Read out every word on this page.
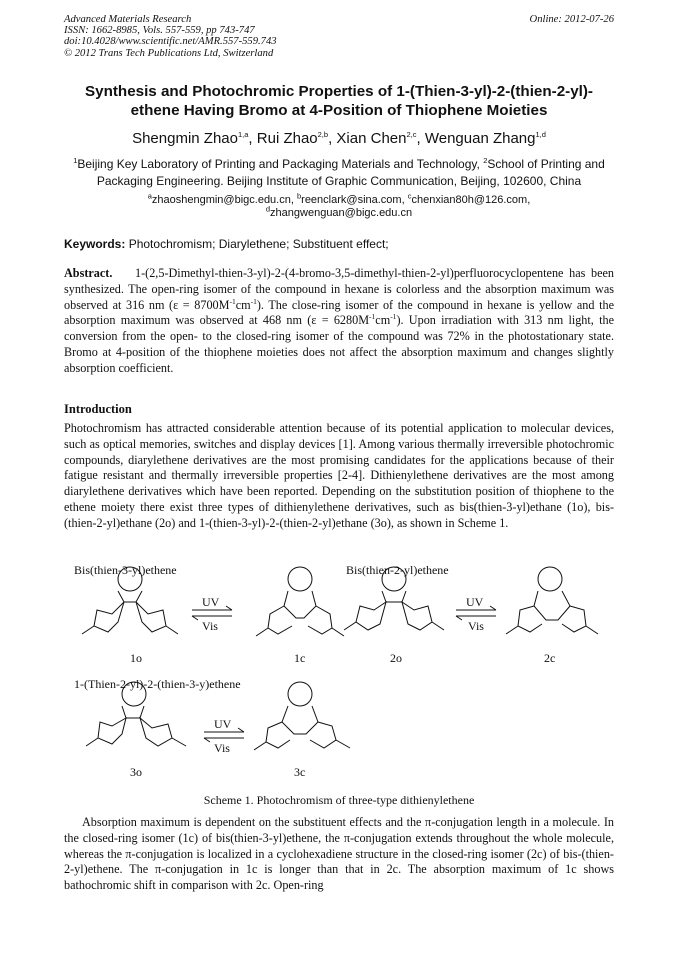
Advanced Materials Research
ISSN: 1662-8985, Vols. 557-559, pp 743-747
doi:10.4028/www.scientific.net/AMR.557-559.743
© 2012 Trans Tech Publications Ltd, Switzerland
Online: 2012-07-26
Synthesis and Photochromic Properties of 1-(Thien-3-yl)-2-(thien-2-yl)-ethene Having Bromo at 4-Position of Thiophene Moieties
Shengmin Zhao$^{1,a}$, Rui Zhao$^{2,b}$, Xian Chen$^{2,c}$, Wenguan Zhang$^{1,d}$
$^1$Beijing Key Laboratory of Printing and Packaging Materials and Technology, $^2$School of Printing and Packaging Engineering. Beijing Institute of Graphic Communication, Beijing, 102600, China
$^a$zhaoshengmin@bigc.edu.cn, $^b$reenclark@sina.com, $^c$chenxian80h@126.com,
$^d$zhangwenguan@bigc.edu.cn
Keywords: Photochromism; Diarylethene; Substituent effect;
Abstract. 1-(2,5-Dimethyl-thien-3-yl)-2-(4-bromo-3,5-dimethyl-thien-2-yl)perfluorocyclopentene has been synthesized. The open-ring isomer of the compound in hexane is colorless and the absorption maximum was observed at 316 nm $(\varepsilon = 8700M^{-1}cm^{-1})$. The close-ring isomer of the compound in hexane is yellow and the absorption maximum was observed at 468 nm $(\varepsilon = 6280M^{-1}cm^{-1})$. Upon irradiation with 313 nm light, the conversion from the open- to the closed-ring isomer of the compound was 72% in the photostationary state. Bromo at 4-position of the thiophene moieties does not affect the absorption maximum and changes slightly absorption coefficient.
Introduction
Photochromism has attracted considerable attention because of its potential application to molecular devices, such as optical memories, switches and display devices [1]. Among various thermally irreversible photochromic compounds, diarylethene derivatives are the most promising candidates for the applications because of their fatigue resistant and thermally irreversible properties [2-4]. Dithienylethene derivatives are the most among diarylethene derivatives which have been reported. Depending on the substitution position of thiophene to the ethene moiety there exist three types of dithienylethene derivatives, such as bis(thien-3-yl)ethane (1o), bis-(thien-2-yl)ethane (2o) and 1-(thien-3-yl)-2-(thien-2-yl)ethane (3o), as shown in Scheme 1.
Bis(thien-3-yl)ethene	Bis(thien-2-yl)ethene
1-(Thien-2-yl)-2-(thien-3-y)ethene
UV
Vis
UV
Vis
UV
Vis
1o	1c	2o	2c
3o	3c
Scheme 1. Photochromism of three-type dithienylethene
Absorption maximum is dependent on the substituent effects and the π-conjugation length in a molecule. In the closed-ring isomer (1c) of bis(thien-3-yl)ethene, the π-conjugation extends throughout the whole molecule, whereas the π-conjugation is localized in a cyclohexadiene structure in the closed-ring isomer (2c) of bis-(thien-2-yl)ethene. The π-conjugation in 1c is longer than that in 2c. The absorption maximum of 1c shows bathochromic shift in comparison with 2c. Open-ring
